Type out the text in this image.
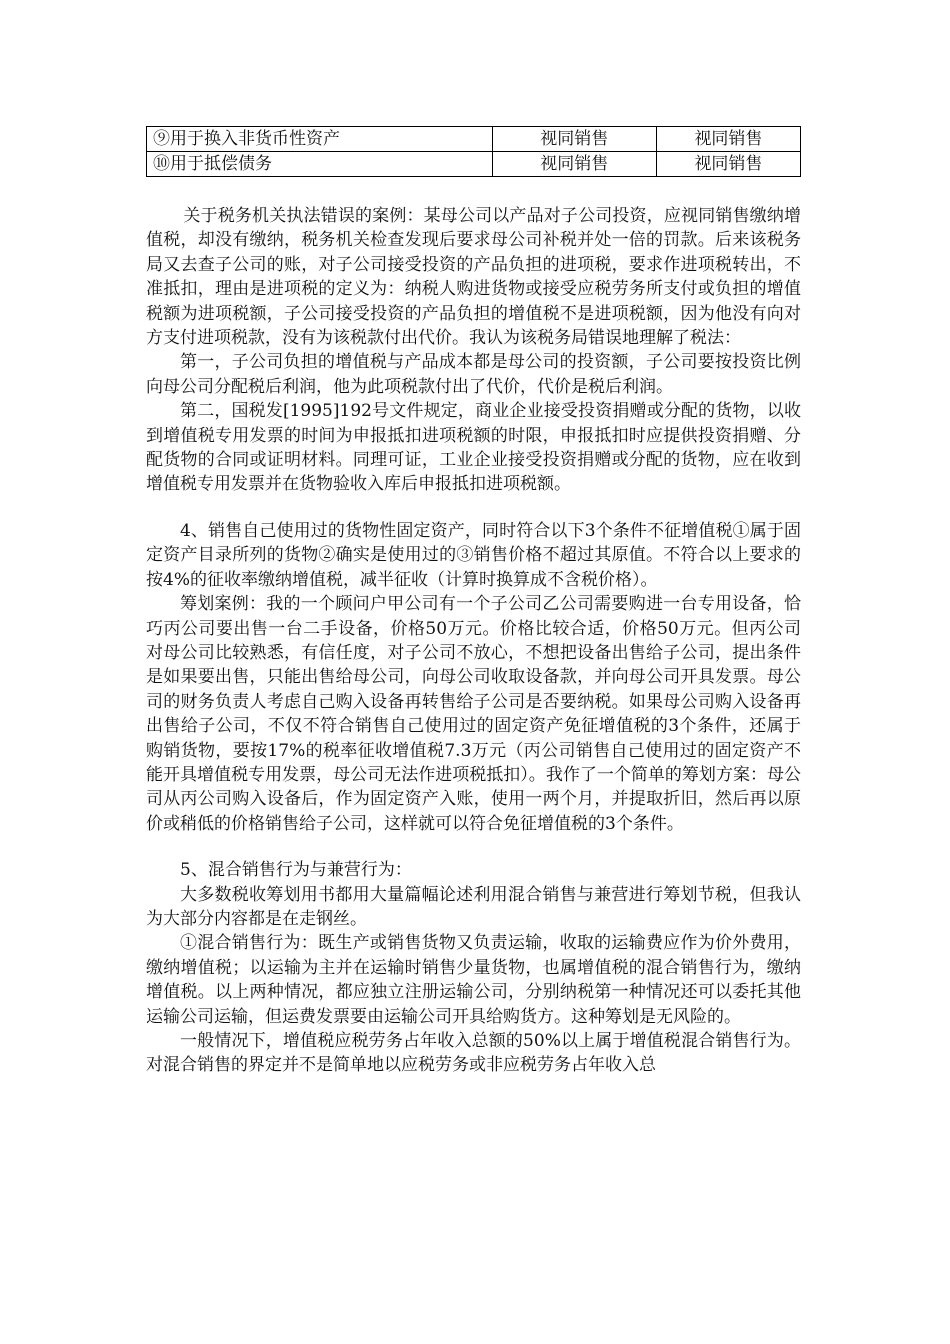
⑨用于换入非货币性资产	视同销售	视同销售
⑩用于抵偿债务	视同销售	视同销售

关于税务机关执法错误的案例：某母公司以产品对子公司投资，应视同销售缴纳增值税，却没有缴纳，税务机关检查发现后要求母公司补税并处一倍的罚款。后来该税务局又去查子公司的账，对子公司接受投资的产品负担的进项税，要求作进项税转出，不准抵扣，理由是进项税的定义为：纳税人购进货物或接受应税劳务所支付或负担的增值税额为进项税额，子公司接受投资的产品负担的增值税不是进项税额，因为他没有向对方支付进项税款，没有为该税款付出代价。我认为该税务局错误地理解了税法：

第一，子公司负担的增值税与产品成本都是母公司的投资额，子公司要按投资比例向母公司分配税后利润，他为此项税款付出了代价，代价是税后利润。

第二，国税发[1995]192号文件规定，商业企业接受投资捐赠或分配的货物，以收到增值税专用发票的时间为申报抵扣进项税额的时限，申报抵扣时应提供投资捐赠、分配货物的合同或证明材料。同理可证，工业企业接受投资捐赠或分配的货物，应在收到增值税专用发票并在货物验收入库后申报抵扣进项税额。

4、销售自己使用过的货物性固定资产，同时符合以下3个条件不征增值税①属于固定资产目录所列的货物②确实是使用过的③销售价格不超过其原值。不符合以上要求的按4%的征收率缴纳增值税，减半征收（计算时换算成不含税价格）。

筹划案例：我的一个顾问户甲公司有一个子公司乙公司需要购进一台专用设备，恰巧丙公司要出售一台二手设备，价格50万元。价格比较合适，价格50万元。但丙公司对母公司比较熟悉，有信任度，对子公司不放心，不想把设备出售给子公司，提出条件是如果要出售，只能出售给母公司，向母公司收取设备款，并向母公司开具发票。母公司的财务负责人考虑自己购入设备再转售给子公司是否要纳税。如果母公司购入设备再出售给子公司，不仅不符合销售自己使用过的固定资产免征增值税的3个条件，还属于购销货物，要按17%的税率征收增值税7.3万元（丙公司销售自己使用过的固定资产不能开具增值税专用发票，母公司无法作进项税抵扣）。我作了一个简单的筹划方案：母公司从丙公司购入设备后，作为固定资产入账，使用一两个月，并提取折旧，然后再以原价或稍低的价格销售给子公司，这样就可以符合免征增值税的3个条件。

5、混合销售行为与兼营行为：

大多数税收筹划用书都用大量篇幅论述利用混合销售与兼营进行筹划节税，但我认为大部分内容都是在走钢丝。

①混合销售行为：既生产或销售货物又负责运输，收取的运输费应作为价外费用，缴纳增值税；以运输为主并在运输时销售少量货物，也属增值税的混合销售行为，缴纳增值税。以上两种情况，都应独立注册运输公司，分别纳税第一种情况还可以委托其他运输公司运输，但运费发票要由运输公司开具给购货方。这种筹划是无风险的。

一般情况下，增值税应税劳务占年收入总额的50%以上属于增值税混合销售行为。对混合销售的界定并不是简单地以应税劳务或非应税劳务占年收入总
